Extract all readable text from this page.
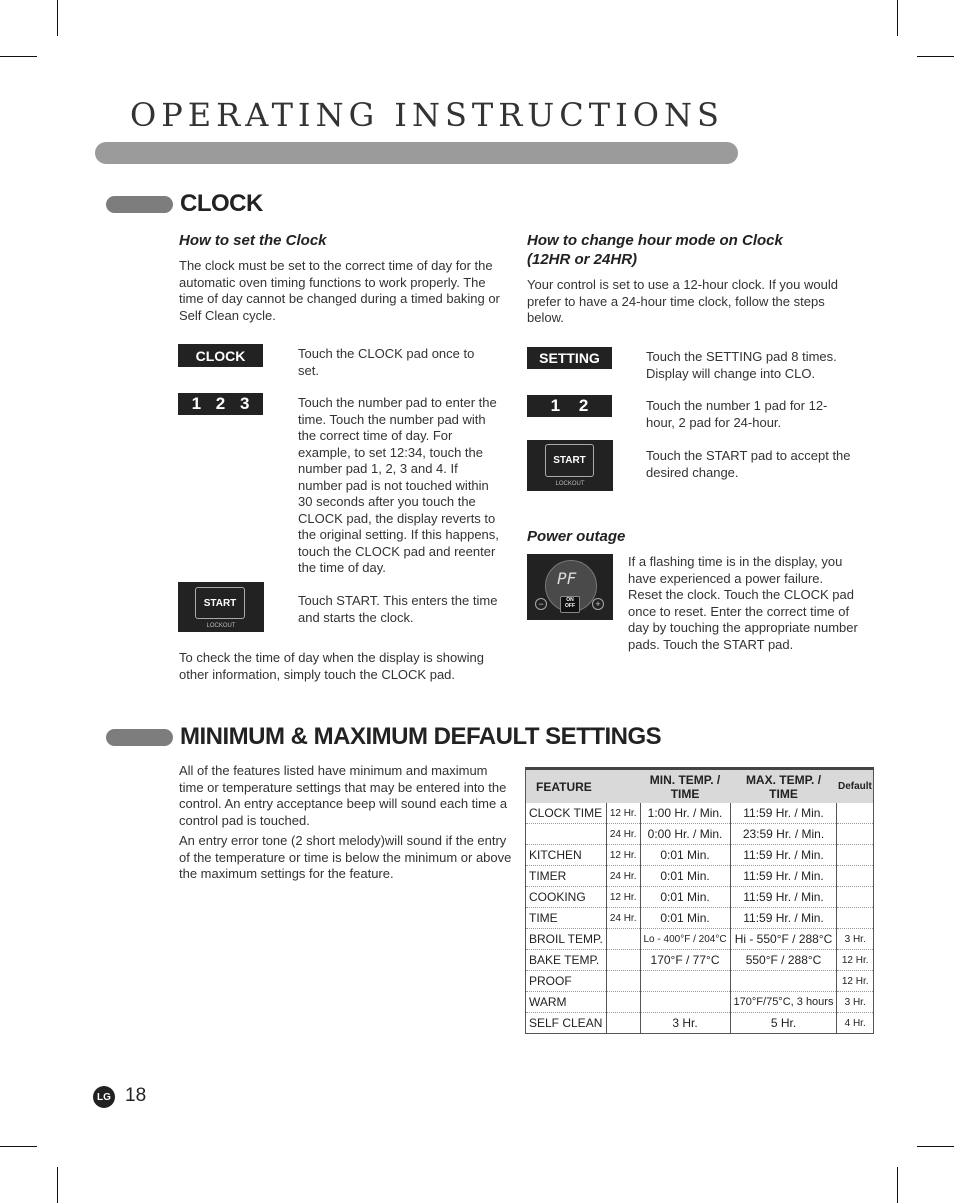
OPERATING INSTRUCTIONS
CLOCK
How to set the Clock
The clock must be set to the correct time of day for the automatic oven timing functions to work properly. The time of day cannot be changed during a timed baking or Self Clean cycle.
CLOCK	Touch the CLOCK pad once to set.
1 2 3	Touch the number pad to enter the time. Touch the number pad with the correct time of day. For example, to set 12:34, touch the number pad 1, 2, 3 and 4. If number pad is not touched within 30 seconds after you touch the CLOCK pad, the display reverts to the original setting. If this happens, touch the CLOCK pad and reenter the time of day.
START
LOCKOUT
Touch START. This enters the time and starts the clock.
To check the time of day when the display is showing other information, simply touch the CLOCK pad.
How to change hour mode on Clock (12HR or 24HR)
Your control is set to use a 12-hour clock. If you would prefer to have a 24-hour time clock, follow the steps below.
SETTING	Touch the SETTING pad 8 times. Display will change into CLO.
1 2	Touch the number 1 pad for 12-hour, 2 pad for 24-hour.
START
LOCKOUT
Touch the START pad to accept the desired change.
Power outage
PF
ON
OFF
−	+
If a flashing time is in the display, you have experienced a power failure. Reset the clock. Touch the CLOCK pad once to reset. Enter the correct time of day by touching the appropriate number pads. Touch the START pad.
MINIMUM & MAXIMUM DEFAULT SETTINGS
All of the features listed have minimum and maximum time or temperature settings that may be entered into the control. An entry acceptance beep will sound each time a control pad is touched.
An entry error tone (2 short melody)will sound if the entry of the temperature or time is below the minimum or above the maximum settings for the feature.
FEATURE		MIN. TEMP. / TIME	MAX. TEMP. / TIME	Default
CLOCK TIME	12 Hr.	1:00 Hr. / Min.	11:59 Hr. / Min.	
	24 Hr.	0:00 Hr. / Min.	23:59 Hr. / Min.	
KITCHEN	12 Hr.	0:01 Min.	11:59 Hr. / Min.	
TIMER	24 Hr.	0:01 Min.	11:59 Hr. / Min.	
COOKING	12 Hr.	0:01 Min.	11:59 Hr. / Min.	
TIME	24 Hr.	0:01 Min.	11:59 Hr. / Min.	
BROIL TEMP.		Lo - 400°F / 204°C	Hi - 550°F / 288°C	3 Hr.
BAKE TEMP.		170°F / 77°C	550°F / 288°C	12 Hr.
PROOF				12 Hr.
WARM			170°F/75°C, 3 hours	3 Hr.
SELF CLEAN		3 Hr.	5 Hr.	4 Hr.
LG 18
